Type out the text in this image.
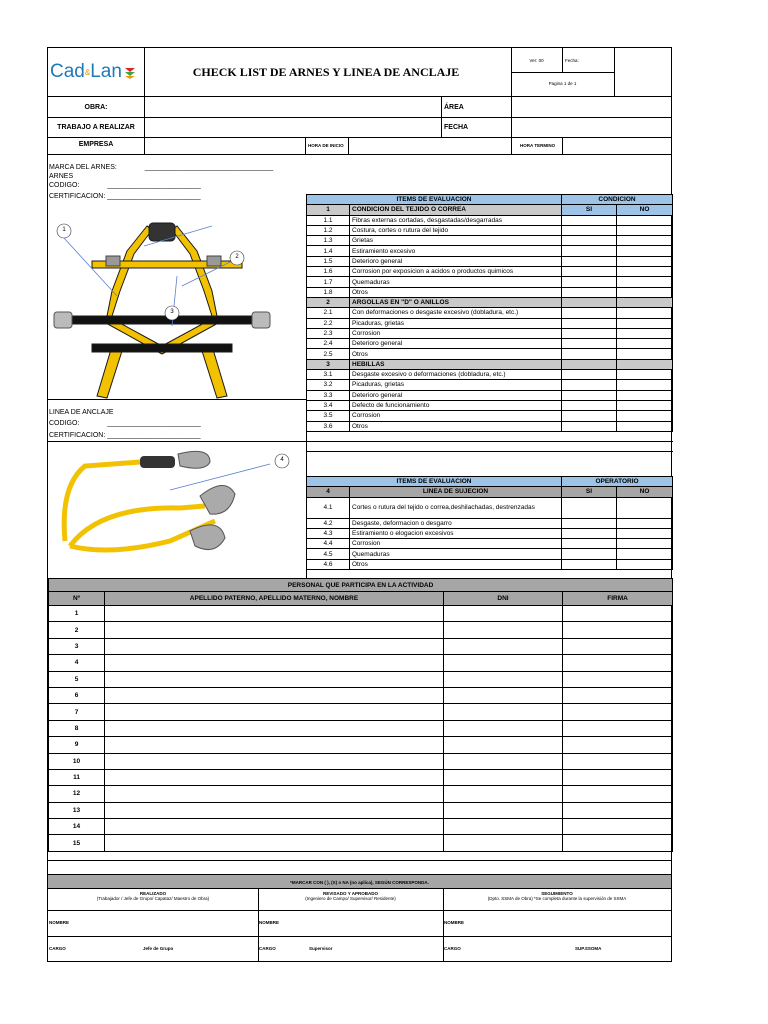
Cad & Lan	CHECK LIST DE ARNES Y LINEA DE ANCLAJE
Ver: 00	Fecha:
Pagina 1 de 1
OBRA:	ÁREA
TRABAJO A REALIZAR	FECHA
EMPRESA	HORA DE INICIO	HORA TERMINO
MARCA DEL ARNES:	_________________________________
ARNES
CODIGO:	________________________
CERTIFICACION: ________________________
1
2
3
LINEA DE ANCLAJE
CODIGO:	________________________
CERTIFICACION: ________________________
4
ITEMS DE EVALUACION		CONDICION	
1	CONDICION DEL TEJIDO O CORREA	SI	NO
1.1	Fibras externas cortadas, desgastadas/desgarradas		
1.2	Costura, cortes o rutura del tejido		
1.3	Grietas		
1.4	Estiramiento excesivo		
1.5	Deterioro general		
1.6	Corrosion por exposicion a acidos o productos quimicos		
1.7	Quemaduras		
1.8	Otros		
2	ARGOLLAS EN "D" O ANILLOS		
2.1	Con deformaciones o desgaste excesivo (dobladura, etc.)		
2.2	Picaduras, grietas		
2.3	Corrosion		
2.4	Deterioro general		
2.5	Otros		
3	HEBILLAS		
3.1	Desgaste excesivo o deformaciones (dobladura, etc.)		
3.2	Picaduras, grietas		
3.3	Deterioro general		
3.4	Defecto de funcionamiento		
3.5	Corrosion		
3.6	Otros		

ITEMS DE EVALUACION		OPERATORIO	
4	LINEA DE SUJECION	SI	NO
4.1	Cortes o rutura del tejido o correa,deshilachadas, destrenzadas		
4.2	Desgaste, deformacion o desgarro		
4.3	Estiramiento o elogacion excesivos		
4.4	Corrosion		
4.5	Quemaduras		
4.6	Otros		
PERSONAL QUE PARTICIPA EN LA ACTIVIDAD			
Nº	APELLIDO PATERNO, APELLIDO MATERNO, NOMBRE	DNI	FIRMA
1			
2			
3			
4			
5			
6			
7			
8			
9			
10			
11			
12			
13			
14			
15			
*MARCAR CON ( ), (X) o NA (no aplica), SEGÚN CORRESPONDA.
REALIZADO
(Trabajador / Jefe de Grupo/ Capataz/ Maestro de Obra)
REVISADO Y APROBADO
(Ingeniero de Campo/ Supervisor/ Residente)
SEGUIMIENTO
(Dpto. SSMA de Obra) *Se completa durante la supervisión de SSMA
NOMBRE	NOMBRE	NOMBRE
CARGO	Jefe de Grupo	CARGO	Supervisor	CARGO	SUP.SSOMA
